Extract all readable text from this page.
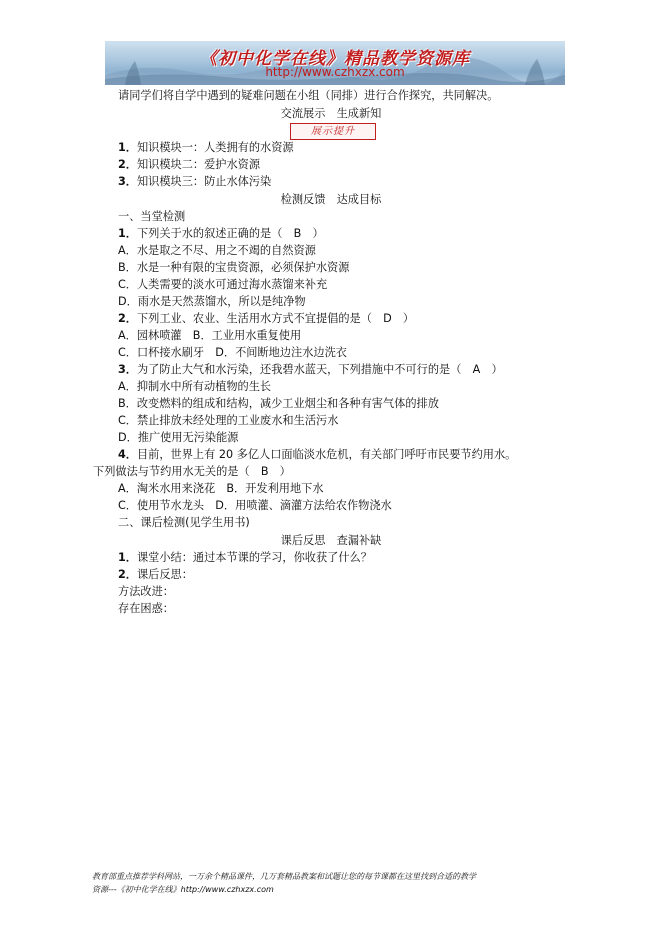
《初中化学在线》精品教学资源库
http://www.czhxzx.com
请同学们将自学中遇到的疑难问题在小组（同排）进行合作探究，共同解决。
交流展示　生成新知
展示提升
1．知识模块一：人类拥有的水资源
2．知识模块二：爱护水资源
3．知识模块三：防止水体污染
检测反馈　达成目标
一、当堂检测
1．下列关于水的叙述正确的是（　B　）
A．水是取之不尽、用之不竭的自然资源
B．水是一种有限的宝贵资源，必须保护水资源
C．人类需要的淡水可通过海水蒸馏来补充
D．雨水是天然蒸馏水，所以是纯净物
2．下列工业、农业、生活用水方式不宜提倡的是（　D　）
A．园林喷灌　B．工业用水重复使用
C．口杯接水刷牙　D．不间断地边注水边洗衣
3．为了防止大气和水污染，还我碧水蓝天，下列措施中不可行的是（　A　）
A．抑制水中所有动植物的生长
B．改变燃料的组成和结构，减少工业烟尘和各种有害气体的排放
C．禁止排放未经处理的工业废水和生活污水
D．推广使用无污染能源
4．目前，世界上有 20 多亿人口面临淡水危机，有关部门呼吁市民要节约用水。
下列做法与节约用水无关的是（　B　）
A．淘米水用来浇花　B．开发利用地下水
C．使用节水龙头　D．用喷灌、滴灌方法给农作物浇水
二、课后检测(见学生用书)
课后反思　查漏补缺
1．课堂小结：通过本节课的学习，你收获了什么？
2．课后反思：
方法改进：
存在困惑：
教育部重点推荐学科网站，一万余个精品课件，几万套精品教案和试题让您的每节课都在这里找到合适的教学
资源---《初中化学在线》http://www.czhxzx.com
